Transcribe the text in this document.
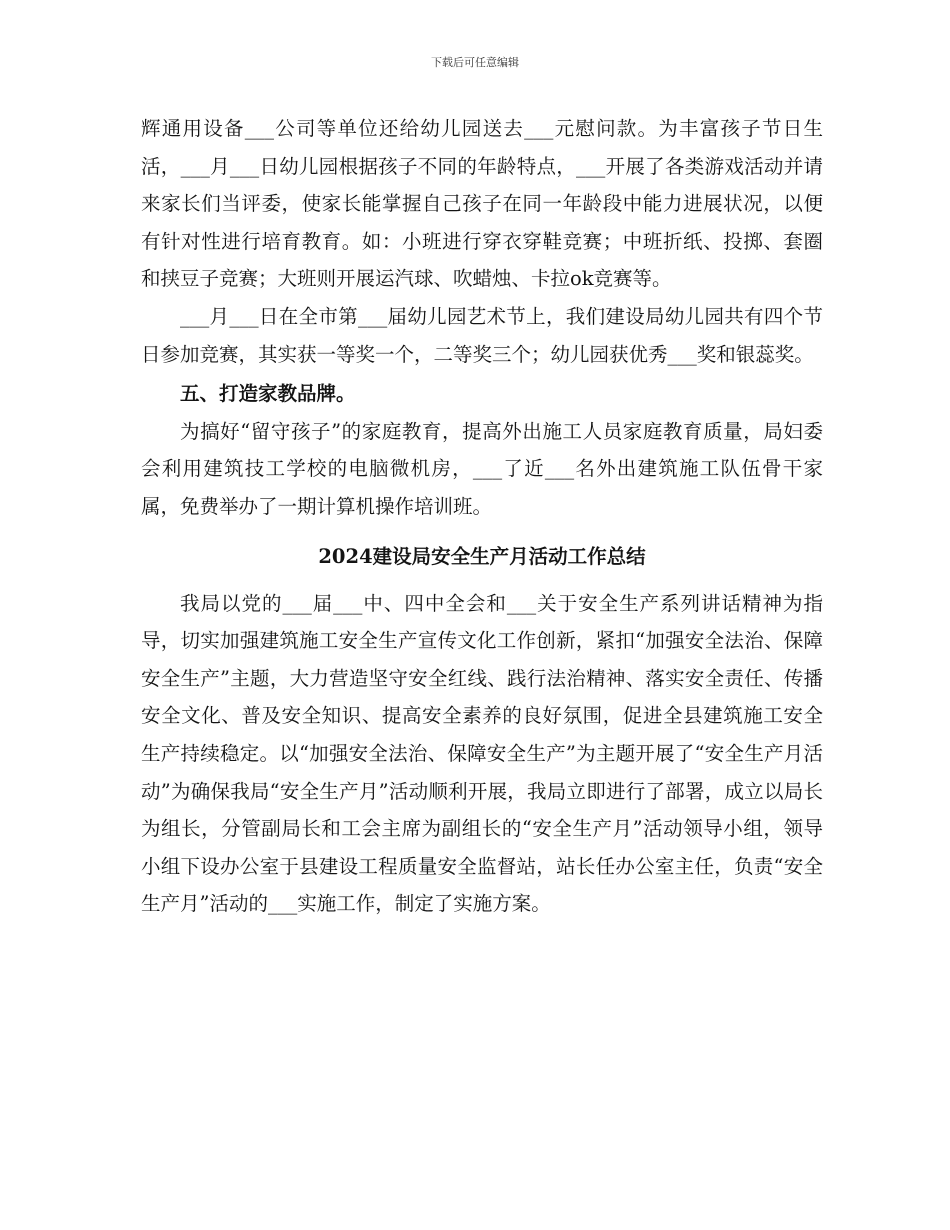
下载后可任意编辑

辉通用设备___公司等单位还给幼儿园送去___元慰问款。为丰富孩子节日生活，___月___日幼儿园根据孩子不同的年龄特点，___开展了各类游戏活动并请来家长们当评委，使家长能掌握自己孩子在同一年龄段中能力进展状况，以便有针对性进行培育教育。如：小班进行穿衣穿鞋竞赛；中班折纸、投掷、套圈和挟豆子竞赛；大班则开展运汽球、吹蜡烛、卡拉ok竞赛等。

___月___日在全市第___届幼儿园艺术节上，我们建设局幼儿园共有四个节日参加竞赛，其实获一等奖一个，二等奖三个；幼儿园获优秀___奖和银蕊奖。

五、打造家教品牌。

为搞好“留守孩子”的家庭教育，提高外出施工人员家庭教育质量，局妇委会利用建筑技工学校的电脑微机房，___了近___名外出建筑施工队伍骨干家属，免费举办了一期计算机操作培训班。

2024建设局安全生产月活动工作总结

我局以党的___届___中、四中全会和___关于安全生产系列讲话精神为指导，切实加强建筑施工安全生产宣传文化工作创新，紧扣“加强安全法治、保障安全生产”主题，大力营造坚守安全红线、践行法治精神、落实安全责任、传播安全文化、普及安全知识、提高安全素养的良好氛围，促进全县建筑施工安全生产持续稳定。以“加强安全法治、保障安全生产”为主题开展了“安全生产月活动”为确保我局“安全生产月”活动顺利开展，我局立即进行了部署，成立以局长为组长，分管副局长和工会主席为副组长的“安全生产月”活动领导小组，领导小组下设办公室于县建设工程质量安全监督站，站长任办公室主任，负责“安全生产月”活动的___实施工作，制定了实施方案。
